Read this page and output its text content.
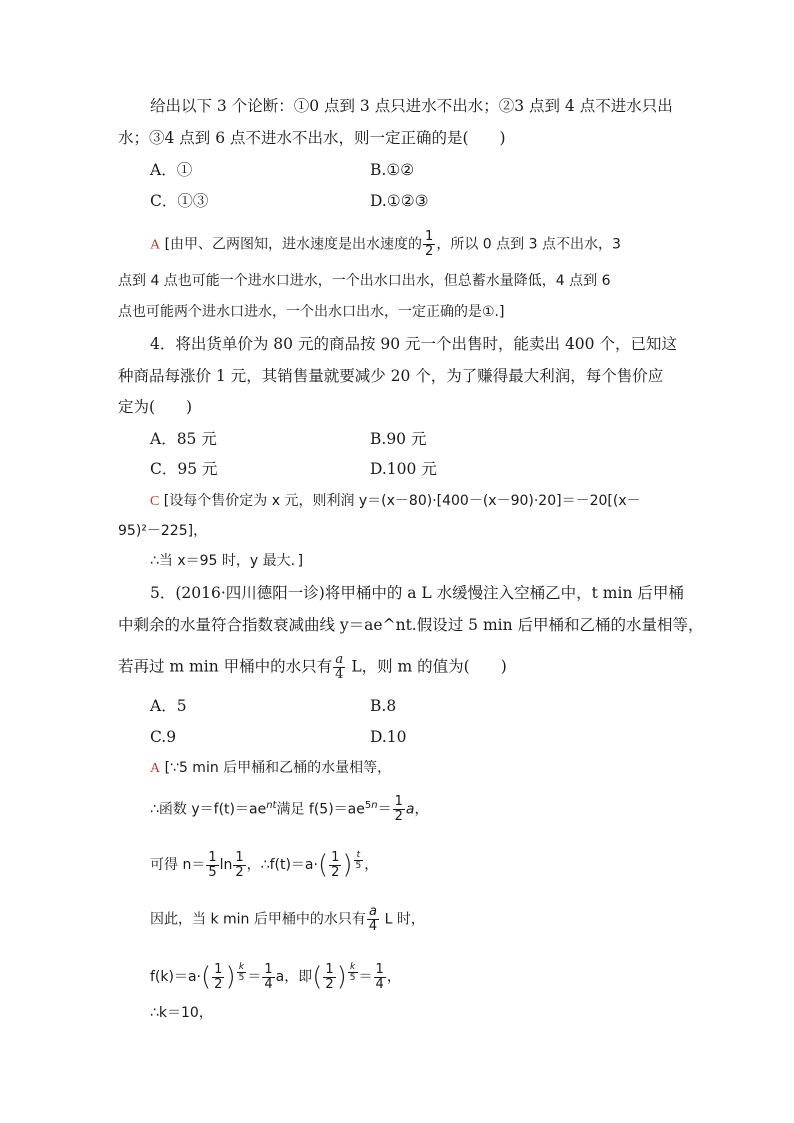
给出以下 3 个论断：①0 点到 3 点只进水不出水；②3 点到 4 点不进水只出
水；③4 点到 6 点不进水不出水，则一定正确的是(　　)
A．①	B.①②
C．①③	D.①②③
A [由甲、乙两图知，进水速度是出水速度的 $\frac{1}{2}$ ，所以 0 点到 3 点不出水，3
点到 4 点也可能一个进水口进水，一个出水口出水，但总蓄水量降低，4 点到 6
点也可能两个进水口进水，一个出水口出水，一定正确的是①.]
4．将出货单价为 80 元的商品按 90 元一个出售时，能卖出 400 个，已知这
种商品每涨价 1 元，其销售量就要减少 20 个，为了赚得最大利润，每个售价应
定为(　　)
A．85 元	B.90 元
C．95 元	D.100 元
C [设每个售价定为 x 元，则利润 y＝(x－80)·[400－(x－90)·20]＝－20[(x－
95)²－225]，
∴当 x＝95 时，y 最大．]
5．(2016·四川德阳一诊)将甲桶中的 a L 水缓慢注入空桶乙中，t min 后甲桶
中剩余的水量符合指数衰减曲线 y＝ae^nt.假设过 5 min 后甲桶和乙桶的水量相等，
若再过 m min 甲桶中的水只有 $\frac{a}{4}$ L，则 m 的值为(　　)
A．5	B.8
C.9	D.10
A [∵5 min 后甲桶和乙桶的水量相等，
∴函数 $y=f(t)=ae^{nt}$满足 $f(5)=ae^{5n}= \frac{1}{2}$ a，
可得 $n= \frac{1}{5}$ $\ln \frac{1}{2}$ ，∴f(t)＝a·( $\frac{1}{2}$ ) $^{\frac{t}{5}}$ ，
因此，当 k min 后甲桶中的水只有 $\frac{a}{4}$ L 时，
$f(k)=a\cdot( \frac{1}{2}$ ) $^{\frac{k}{5}} = \frac{1}{4}$ a，即( $\frac{1}{2}$ ) $^{\frac{k}{5}} = \frac{1}{4}$ ，
∴k＝10，
